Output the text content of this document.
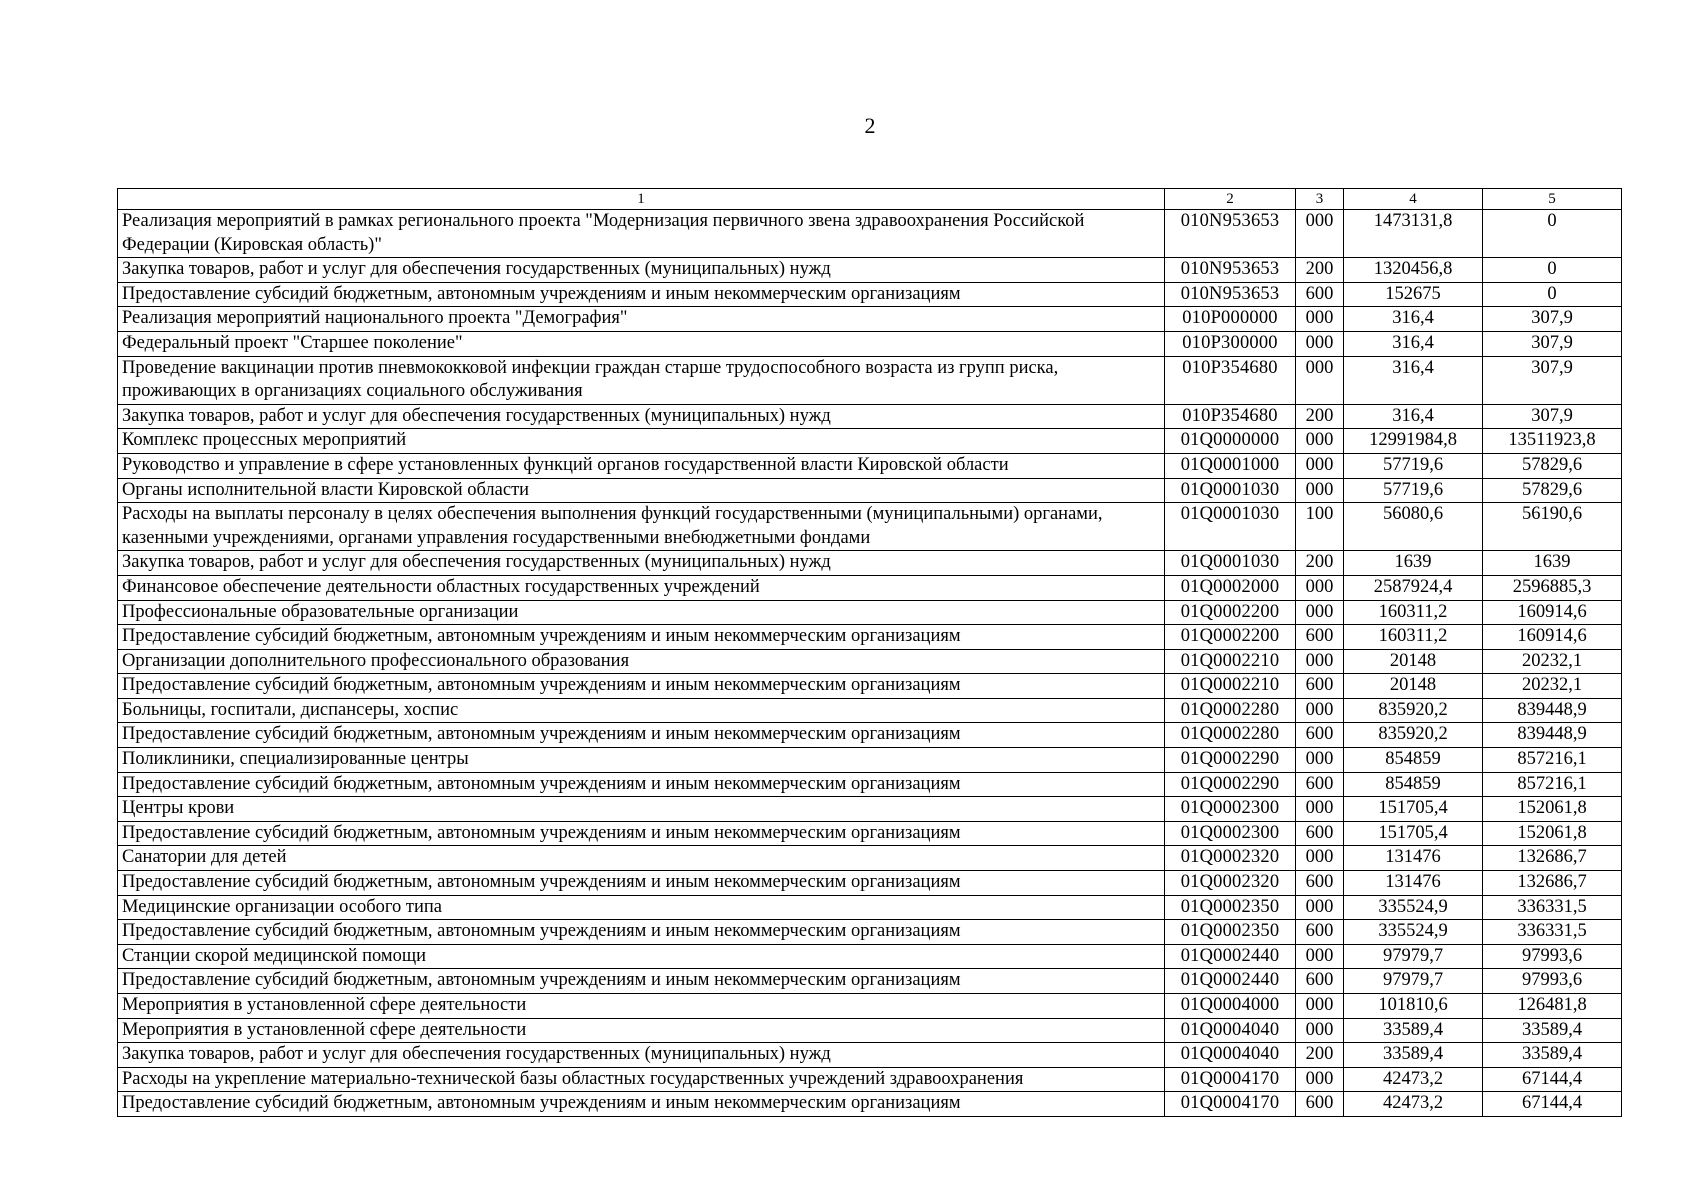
2
1	2	3	4	5
Реализация мероприятий в рамках регионального проекта "Модернизация первичного звена здравоохранения Российской Федерации (Кировская область)"	010N953653	000	1473131,8	0
Закупка товаров, работ и услуг для обеспечения государственных (муниципальных) нужд	010N953653	200	1320456,8	0
Предоставление субсидий бюджетным, автономным учреждениям и иным некоммерческим организациям	010N953653	600	152675	0
Реализация мероприятий национального проекта "Демография"	010P000000	000	316,4	307,9
Федеральный проект "Старшее поколение"	010P300000	000	316,4	307,9
Проведение вакцинации против пневмококковой инфекции граждан старше трудоспособного возраста из групп риска, проживающих в организациях социального обслуживания	010P354680	000	316,4	307,9
Закупка товаров, работ и услуг для обеспечения государственных (муниципальных) нужд	010P354680	200	316,4	307,9
Комплекс процессных мероприятий	01Q0000000	000	12991984,8	13511923,8
Руководство и управление в сфере установленных функций органов государственной власти Кировской области	01Q0001000	000	57719,6	57829,6
Органы исполнительной власти Кировской области	01Q0001030	000	57719,6	57829,6
Расходы на выплаты персоналу в целях обеспечения выполнения функций государственными (муниципальными) органами, казенными учреждениями, органами управления государственными внебюджетными фондами	01Q0001030	100	56080,6	56190,6
Закупка товаров, работ и услуг для обеспечения государственных (муниципальных) нужд	01Q0001030	200	1639	1639
Финансовое обеспечение деятельности областных государственных учреждений	01Q0002000	000	2587924,4	2596885,3
Профессиональные образовательные организации	01Q0002200	000	160311,2	160914,6
Предоставление субсидий бюджетным, автономным учреждениям и иным некоммерческим организациям	01Q0002200	600	160311,2	160914,6
Организации дополнительного профессионального образования	01Q0002210	000	20148	20232,1
Предоставление субсидий бюджетным, автономным учреждениям и иным некоммерческим организациям	01Q0002210	600	20148	20232,1
Больницы, госпитали, диспансеры, хоспис	01Q0002280	000	835920,2	839448,9
Предоставление субсидий бюджетным, автономным учреждениям и иным некоммерческим организациям	01Q0002280	600	835920,2	839448,9
Поликлиники, специализированные центры	01Q0002290	000	854859	857216,1
Предоставление субсидий бюджетным, автономным учреждениям и иным некоммерческим организациям	01Q0002290	600	854859	857216,1
Центры крови	01Q0002300	000	151705,4	152061,8
Предоставление субсидий бюджетным, автономным учреждениям и иным некоммерческим организациям	01Q0002300	600	151705,4	152061,8
Санатории для детей	01Q0002320	000	131476	132686,7
Предоставление субсидий бюджетным, автономным учреждениям и иным некоммерческим организациям	01Q0002320	600	131476	132686,7
Медицинские организации особого типа	01Q0002350	000	335524,9	336331,5
Предоставление субсидий бюджетным, автономным учреждениям и иным некоммерческим организациям	01Q0002350	600	335524,9	336331,5
Станции скорой медицинской помощи	01Q0002440	000	97979,7	97993,6
Предоставление субсидий бюджетным, автономным учреждениям и иным некоммерческим организациям	01Q0002440	600	97979,7	97993,6
Мероприятия в установленной сфере деятельности	01Q0004000	000	101810,6	126481,8
Мероприятия в установленной сфере деятельности	01Q0004040	000	33589,4	33589,4
Закупка товаров, работ и услуг для обеспечения государственных (муниципальных) нужд	01Q0004040	200	33589,4	33589,4
Расходы на укрепление материально-технической базы областных государственных учреждений здравоохранения	01Q0004170	000	42473,2	67144,4
Предоставление субсидий бюджетным, автономным учреждениям и иным некоммерческим организациям	01Q0004170	600	42473,2	67144,4
